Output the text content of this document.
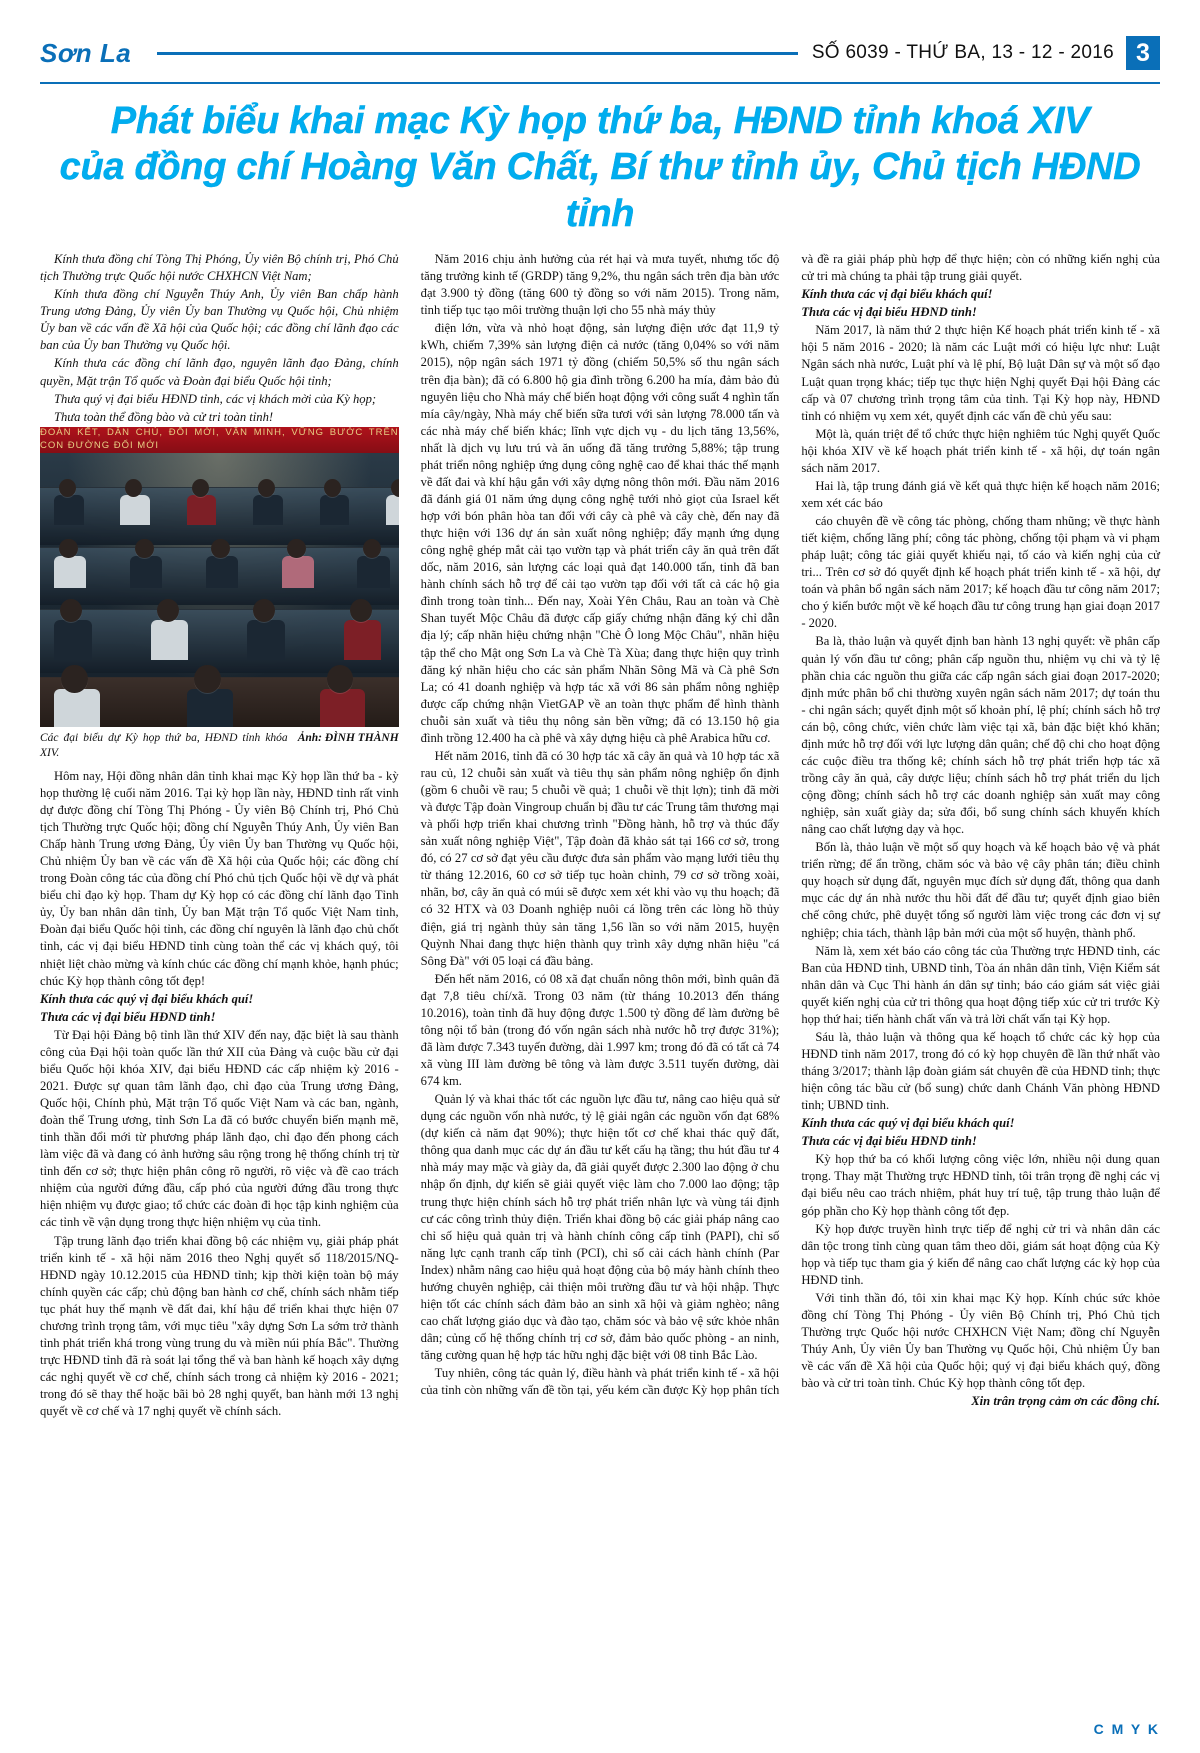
Sơn La	SỐ 6039 - THỨ BA, 13 - 12 - 2016 3
Phát biểu khai mạc Kỳ họp thứ ba, HĐND tỉnh khoá XIV
của đồng chí Hoàng Văn Chất, Bí thư tỉnh ủy, Chủ tịch HĐND tỉnh

Kính thưa đồng chí Tòng Thị Phóng, Ủy viên Bộ chính trị, Phó Chủ tịch Thường trực Quốc hội nước CHXHCN Việt Nam;

Kính thưa đồng chí Nguyễn Thúy Anh, Ủy viên Ban chấp hành Trung ương Đảng, Ủy viên Ủy ban Thường vụ Quốc hội, Chủ nhiệm Ủy ban về các vấn đề Xã hội của Quốc hội; các đồng chí lãnh đạo các ban của Ủy ban Thường vụ Quốc hội.

Kính thưa các đồng chí lãnh đạo, nguyên lãnh đạo Đảng, chính quyền, Mặt trận Tổ quốc và Đoàn đại biểu Quốc hội tỉnh;

Thưa quý vị đại biểu HĐND tỉnh, các vị khách mời của Kỳ họp;

Thưa toàn thể đồng bào và cử tri toàn tỉnh!

ĐOÀN KẾT, DÂN CHỦ, ĐỔI MỚI, VĂN MINH, VỮNG BƯỚC TRÊN CON ĐƯỜNG ĐỔI MỚI
Các đại biểu dự Kỳ họp thứ ba, HĐND tỉnh khóa XIV.
Ảnh: ĐÌNH THÀNH

Hôm nay, Hội đồng nhân dân tỉnh khai mạc Kỳ họp lần thứ ba - kỳ họp thường lệ cuối năm 2016. Tại kỳ họp lần này, HĐND tỉnh rất vinh dự được đồng chí Tòng Thị Phóng - Ủy viên Bộ Chính trị, Phó Chủ tịch Thường trực Quốc hội; đồng chí Nguyễn Thúy Anh, Ủy viên Ban Chấp hành Trung ương Đảng, Ủy viên Ủy ban Thường vụ Quốc hội, Chủ nhiệm Ủy ban về các vấn đề Xã hội của Quốc hội; các đồng chí trong Đoàn công tác của đồng chí Phó chủ tịch Quốc hội về dự và phát biểu chỉ đạo kỳ họp. Tham dự Kỳ họp có các đồng chí lãnh đạo Tỉnh ủy, Ủy ban nhân dân tỉnh, Ủy ban Mặt trận Tổ quốc Việt Nam tỉnh, Đoàn đại biểu Quốc hội tỉnh, các đồng chí nguyên là lãnh đạo chủ chốt tỉnh, các vị đại biểu HĐND tỉnh cùng toàn thể các vị khách quý, tôi nhiệt liệt chào mừng và kính chúc các đồng chí mạnh khỏe, hạnh phúc; chúc Kỳ họp thành công tốt đẹp!

Kính thưa các quý vị đại biểu khách quí!

Thưa các vị đại biểu HĐND tỉnh!

Từ Đại hội Đảng bộ tỉnh lần thứ XIV đến nay, đặc biệt là sau thành công của Đại hội toàn quốc lần thứ XII của Đảng và cuộc bầu cử đại biểu Quốc hội khóa XIV, đại biểu HĐND các cấp nhiệm kỳ 2016 - 2021. Được sự quan tâm lãnh đạo, chỉ đạo của Trung ương Đảng, Quốc hội, Chính phủ, Mặt trận Tổ quốc Việt Nam và các ban, ngành, đoàn thể Trung ương, tỉnh Sơn La đã có bước chuyển biến mạnh mẽ, tinh thần đổi mới từ phương pháp lãnh đạo, chỉ đạo đến phong cách làm việc đã và đang có ảnh hưởng sâu rộng trong hệ thống chính trị từ tỉnh đến cơ sở; thực hiện phân công rõ người, rõ việc và đề cao trách nhiệm của người đứng đầu, cấp phó của người đứng đầu trong thực hiện nhiệm vụ được giao; tổ chức các đoàn đi học tập kinh nghiệm của các tỉnh về vận dụng trong thực hiện nhiệm vụ của tỉnh.

Tập trung lãnh đạo triển khai đồng bộ các nhiệm vụ, giải pháp phát triển kinh tế - xã hội năm 2016 theo Nghị quyết số 118/2015/NQ-HĐND ngày 10.12.2015 của HĐND tỉnh; kịp thời kiện toàn bộ máy chính quyền các cấp; chủ động ban hành cơ chế, chính sách nhằm tiếp tục phát huy thế mạnh về đất đai, khí hậu để triển khai thực hiện 07 chương trình trọng tâm, với mục tiêu "xây dựng Sơn La sớm trở thành tỉnh phát triển khá trong vùng trung du và miền núi phía Bắc". Thường trực HĐND tỉnh đã rà soát lại tổng thể và ban hành kế hoạch xây dựng các nghị quyết về cơ chế, chính sách trong cả nhiệm kỳ 2016 - 2021; trong đó sẽ thay thế hoặc bãi bỏ 28 nghị quyết, ban hành mới 13 nghị quyết về cơ chế và 17 nghị quyết về chính sách.

Năm 2016 chịu ảnh hưởng của rét hại và mưa tuyết, nhưng tốc độ tăng trưởng kinh tế (GRDP) tăng 9,2%, thu ngân sách trên địa bàn ước đạt 3.900 tỷ đồng (tăng 600 tỷ đồng so với năm 2015). Trong năm, tỉnh tiếp tục tạo môi trường thuận lợi cho 55 nhà máy thủy

điện lớn, vừa và nhỏ hoạt động, sản lượng điện ước đạt 11,9 tỷ kWh, chiếm 7,39% sản lượng điện cả nước (tăng 0,04% so với năm 2015), nộp ngân sách 1971 tỷ đồng (chiếm 50,5% số thu ngân sách trên địa bàn); đã có 6.800 hộ gia đình trồng 6.200 ha mía, đảm bảo đủ nguyên liệu cho Nhà máy chế biến hoạt động với công suất 4 nghìn tấn mía cây/ngày, Nhà máy chế biến sữa tươi với sản lượng 78.000 tấn và các nhà máy chế biến khác; lĩnh vực dịch vụ - du lịch tăng 13,56%, nhất là dịch vụ lưu trú và ăn uống đã tăng trưởng 5,88%; tập trung phát triển nông nghiệp ứng dụng công nghệ cao để khai thác thế mạnh về đất đai và khí hậu gắn với xây dựng nông thôn mới. Đầu năm 2016 đã đánh giá 01 năm ứng dụng công nghệ tưới nhỏ giọt của Israel kết hợp với bón phân hòa tan đối với cây cà phê và cây chè, đến nay đã thực hiện với 136 dự án sản xuất nông nghiệp; đẩy mạnh ứng dụng công nghệ ghép mắt cải tạo vườn tạp và phát triển cây ăn quả trên đất dốc, năm 2016, sản lượng các loại quả đạt 140.000 tấn, tinh đã ban hành chính sách hỗ trợ để cải tạo vườn tạp đối với tất cả các hộ gia đình trong toàn tỉnh... Đến nay, Xoài Yên Châu, Rau an toàn và Chè Shan tuyết Mộc Châu đã được cấp giấy chứng nhận đăng ký chỉ dẫn địa lý; cấp nhãn hiệu chứng nhận "Chè Ô long Mộc Châu", nhãn hiệu tập thể cho Mật ong Sơn La và Chè Tà Xùa; đang thực hiện quy trình đăng ký nhãn hiệu cho các sản phẩm Nhãn Sông Mã và Cà phê Sơn La; có 41 doanh nghiệp và hợp tác xã với 86 sản phẩm nông nghiệp được cấp chứng nhận VietGAP về an toàn thực phẩm để hình thành chuỗi sản xuất và tiêu thụ nông sản bền vững; đã có 13.150 hộ gia đình trồng 12.400 ha cà phê và xây dựng hiệu cà phê Arabica hữu cơ.

Hết năm 2016, tỉnh đã có 30 hợp tác xã cây ăn quả và 10 hợp tác xã rau củ, 12 chuỗi sản xuất và tiêu thụ sản phẩm nông nghiệp ổn định (gồm 6 chuỗi về rau; 5 chuỗi về quả; 1 chuỗi về thịt lợn); tinh đã mời và được Tập đoàn Vingroup chuẩn bị đầu tư các Trung tâm thương mại và phối hợp triển khai chương trình "Đồng hành, hỗ trợ và thúc đẩy sản xuất nông nghiệp Việt", Tập đoàn đã khảo sát tại 166 cơ sở, trong đó, có 27 cơ sở đạt yêu cầu được đưa sản phẩm vào mạng lưới tiêu thụ từ tháng 12.2016, 60 cơ sở tiếp tục hoàn chỉnh, 79 cơ sở trồng xoài, nhãn, bơ, cây ăn quả có múi sẽ được xem xét khi vào vụ thu hoạch; đã có 32 HTX và 03 Doanh nghiệp nuôi cá lồng trên các lòng hồ thủy điện, giá trị ngành thủy sản tăng 1,56 lần so với năm 2015, huyện Quỳnh Nhai đang thực hiện thành quy trình xây dựng nhãn hiệu "cá Sông Đà" với 05 loại cá đầu bảng.

Đến hết năm 2016, có 08 xã đạt chuẩn nông thôn mới, bình quân đã đạt 7,8 tiêu chí/xã. Trong 03 năm (từ tháng 10.2013 đến tháng 10.2016), toàn tỉnh đã huy động được 1.500 tỷ đồng để làm đường bê tông nội tổ bản (trong đó vốn ngân sách nhà nước hỗ trợ được 31%); đã làm được 7.343 tuyến đường, dài 1.997 km; trong đó đã có tất cả 74 xã vùng III làm đường bê tông và làm được 3.511 tuyến đường, dài 674 km.

Quản lý và khai thác tốt các nguồn lực đầu tư, nâng cao hiệu quả sử dụng các nguồn vốn nhà nước, tỷ lệ giải ngân các nguồn vốn đạt 68% (dự kiến cả năm đạt 90%); thực hiện tốt cơ chế khai thác quỹ đất, thông qua danh mục các dự án đầu tư kết cấu hạ tầng; thu hút đầu tư 4 nhà máy may mặc và giày da, đã giải quyết được 2.300 lao động ở chu nhập ổn định, dự kiến sẽ giải quyết việc làm cho 7.000 lao động; tập trung thực hiện chính sách hỗ trợ phát triển nhân lực và vùng tái định cư các công trình thủy điện. Triển khai đồng bộ các giải pháp nâng cao chỉ số hiệu quả quản trị và hành chính công cấp tỉnh (PAPI), chỉ số năng lực cạnh tranh cấp tỉnh (PCI), chỉ số cải cách hành chính (Par Index) nhằm nâng cao hiệu quả hoạt động của bộ máy hành chính theo hướng chuyên nghiệp, cải thiện môi trường đầu tư và hội nhập. Thực hiện tốt các chính sách đảm bảo an sinh xã hội và giảm nghèo; nâng cao chất lượng giáo dục và đào tạo, chăm sóc và bảo vệ sức khỏe nhân dân; củng cố hệ thống chính trị cơ sở, đảm bảo quốc phòng - an ninh, tăng cường quan hệ hợp tác hữu nghị đặc biệt với 08 tỉnh Bắc Lào.

Tuy nhiên, công tác quản lý, điều hành và phát triển kinh tế - xã hội của tỉnh còn những vấn đề tồn tại, yếu kém cần được Kỳ họp phân tích và đề ra giải pháp phù hợp để thực hiện; còn có những kiến nghị của cử tri mà chúng ta phải tập trung giải quyết.

Kính thưa các vị đại biểu khách quí!

Thưa các vị đại biểu HĐND tỉnh!

Năm 2017, là năm thứ 2 thực hiện Kế hoạch phát triển kinh tế - xã hội 5 năm 2016 - 2020; là năm các Luật mới có hiệu lực như: Luật Ngân sách nhà nước, Luật phí và lệ phí, Bộ luật Dân sự và một số đạo Luật quan trọng khác; tiếp tục thực hiện Nghị quyết Đại hội Đảng các cấp và 07 chương trình trọng tâm của tỉnh. Tại Kỳ họp này, HĐND tỉnh có nhiệm vụ xem xét, quyết định các vấn đề chủ yếu sau:

Một là, quán triệt để tổ chức thực hiện nghiêm túc Nghị quyết Quốc hội khóa XIV về kế hoạch phát triển kinh tế - xã hội, dự toán ngân sách năm 2017.

Hai là, tập trung đánh giá về kết quả thực hiện kế hoạch năm 2016; xem xét các báo

cáo chuyên đề về công tác phòng, chống tham nhũng; về thực hành tiết kiệm, chống lãng phí; công tác phòng, chống tội phạm và vi phạm pháp luật; công tác giải quyết khiếu nại, tố cáo và kiến nghị của cử tri... Trên cơ sở đó quyết định kế hoạch phát triển kinh tế - xã hội, dự toán và phân bổ ngân sách năm 2017; kế hoạch đầu tư công năm 2017; cho ý kiến bước một về kế hoạch đầu tư công trung hạn giai đoạn 2017 - 2020.

Ba là, thảo luận và quyết định ban hành 13 nghị quyết: về phân cấp quản lý vốn đầu tư công; phân cấp nguồn thu, nhiệm vụ chi và tỷ lệ phần chia các nguồn thu giữa các cấp ngân sách giai đoạn 2017-2020; định mức phân bổ chi thường xuyên ngân sách năm 2017; dự toán thu - chi ngân sách; quyết định một số khoản phí, lệ phí; chính sách hỗ trợ cán bộ, công chức, viên chức làm việc tại xã, bản đặc biệt khó khăn; định mức hỗ trợ đối với lực lượng dân quân; chế độ chi cho hoạt động các cuộc điều tra thống kê; chính sách hỗ trợ phát triển hợp tác xã trồng cây ăn quả, cây dược liệu; chính sách hỗ trợ phát triển du lịch cộng đồng; chính sách hỗ trợ các doanh nghiệp sản xuất may công nghiệp, sản xuất giày da; sửa đổi, bổ sung chính sách khuyến khích nâng cao chất lượng dạy và học.

Bốn là, thảo luận về một số quy hoạch và kế hoạch bảo vệ và phát triển rừng; để ẩn trồng, chăm sóc và bảo vệ cây phân tán; điều chỉnh quy hoạch sử dụng đất, nguyên mục đích sử dụng đất, thông qua danh mục các dự án nhà nước thu hồi đất để đầu tư; quyết định giao biên chế công chức, phê duyệt tổng số người làm việc trong các đơn vị sự nghiệp; chia tách, thành lập bản mới của một số huyện, thành phố.

Năm là, xem xét báo cáo công tác của Thường trực HĐND tỉnh, các Ban của HĐND tỉnh, UBND tỉnh, Tòa án nhân dân tỉnh, Viện Kiểm sát nhân dân và Cục Thi hành án dân sự tỉnh; báo cáo giám sát việc giải quyết kiến nghị của cử tri thông qua hoạt động tiếp xúc cử tri trước Kỳ họp thứ hai; tiến hành chất vấn và trả lời chất vấn tại Kỳ họp.

Sáu là, thảo luận và thông qua kế hoạch tổ chức các kỳ họp của HĐND tỉnh năm 2017, trong đó có kỳ họp chuyên đề lần thứ nhất vào tháng 3/2017; thành lập đoàn giám sát chuyên đề của HĐND tỉnh; thực hiện công tác bầu cử (bổ sung) chức danh Chánh Văn phòng HĐND tỉnh; UBND tỉnh.

Kính thưa các quý vị đại biểu khách quí!

Thưa các vị đại biểu HĐND tỉnh!

Kỳ họp thứ ba có khối lượng công việc lớn, nhiều nội dung quan trọng. Thay mặt Thường trực HĐND tỉnh, tôi trân trọng đề nghị các vị đại biểu nêu cao trách nhiệm, phát huy trí tuệ, tập trung thảo luận để góp phần cho Kỳ họp thành công tốt đẹp.

Kỳ họp được truyền hình trực tiếp để nghị cử tri và nhân dân các dân tộc trong tỉnh cùng quan tâm theo dõi, giám sát hoạt động của Kỳ họp và tiếp tục tham gia ý kiến để nâng cao chất lượng các kỳ họp của HĐND tỉnh.

Với tinh thần đó, tôi xin khai mạc Kỳ họp. Kính chúc sức khỏe đồng chí Tòng Thị Phóng - Ủy viên Bộ Chính trị, Phó Chủ tịch Thường trực Quốc hội nước CHXHCN Việt Nam; đồng chí Nguyễn Thúy Anh, Ủy viên Ủy ban Thường vụ Quốc hội, Chủ nhiệm Ủy ban về các vấn đề Xã hội của Quốc hội; quý vị đại biểu khách quý, đồng bào và cử tri toàn tỉnh. Chúc Kỳ họp thành công tốt đẹp.

Xin trân trọng cảm ơn các đồng chí.

C M Y K
